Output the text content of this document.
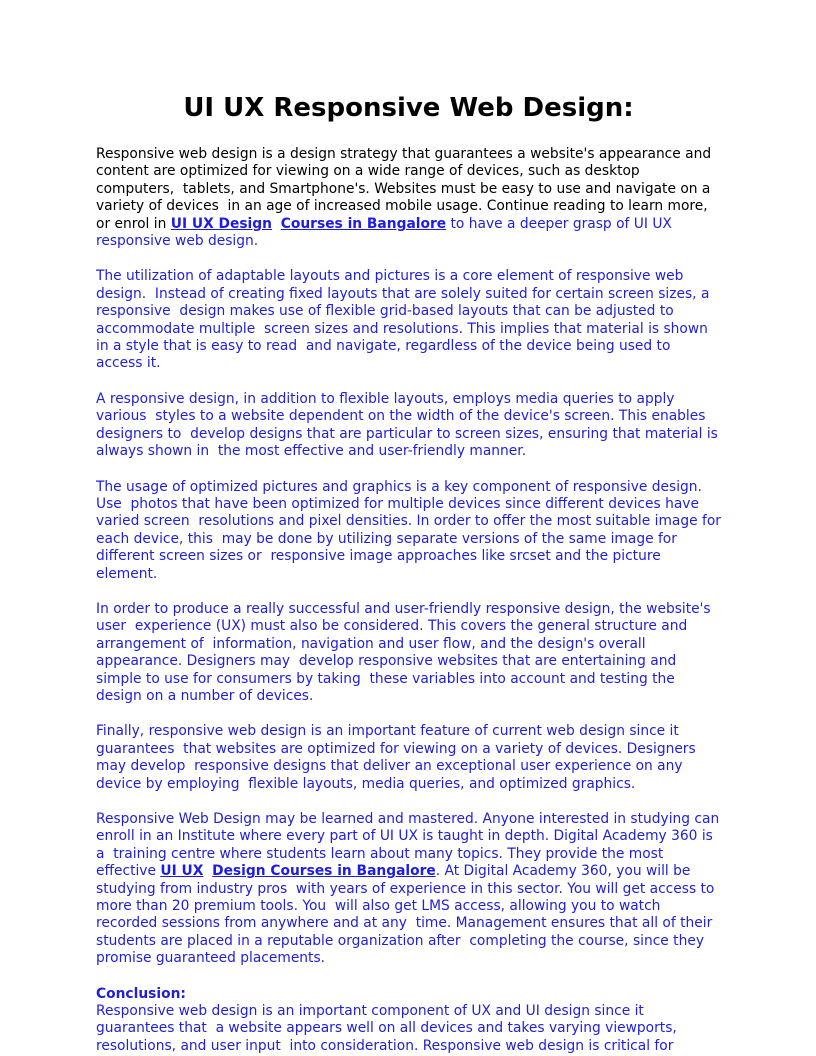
UI UX Responsive Web Design:

Responsive web design is a design strategy that guarantees a website's appearance and  content are optimized for viewing on a wide range of devices, such as desktop computers,  tablets, and Smartphone's. Websites must be easy to use and navigate on a variety of devices  in an age of increased mobile usage. Continue reading to learn more, or enrol in UI UX Design Courses in Bangalore to have a deeper grasp of UI UX responsive web design.

The utilization of adaptable layouts and pictures is a core element of responsive web design.  Instead of creating fixed layouts that are solely suited for certain screen sizes, a responsive  design makes use of flexible grid-based layouts that can be adjusted to accommodate multiple  screen sizes and resolutions. This implies that material is shown in a style that is easy to read  and navigate, regardless of the device being used to access it.

A responsive design, in addition to flexible layouts, employs media queries to apply various  styles to a website dependent on the width of the device's screen. This enables designers to  develop designs that are particular to screen sizes, ensuring that material is always shown in  the most effective and user-friendly manner.

The usage of optimized pictures and graphics is a key component of responsive design. Use  photos that have been optimized for multiple devices since different devices have varied screen  resolutions and pixel densities. In order to offer the most suitable image for each device, this  may be done by utilizing separate versions of the same image for different screen sizes or  responsive image approaches like srcset and the picture element.

In order to produce a really successful and user-friendly responsive design, the website's user  experience (UX) must also be considered. This covers the general structure and arrangement of  information, navigation and user flow, and the design's overall appearance. Designers may  develop responsive websites that are entertaining and simple to use for consumers by taking  these variables into account and testing the design on a number of devices.

Finally, responsive web design is an important feature of current web design since it guarantees  that websites are optimized for viewing on a variety of devices. Designers may develop  responsive designs that deliver an exceptional user experience on any device by employing  flexible layouts, media queries, and optimized graphics.

Responsive Web Design may be learned and mastered. Anyone interested in studying can  enroll in an Institute where every part of UI UX is taught in depth. Digital Academy 360 is a  training centre where students learn about many topics. They provide the most effective UI UX Design Courses in Bangalore. At Digital Academy 360, you will be studying from industry pros  with years of experience in this sector. You will get access to more than 20 premium tools. You  will also get LMS access, allowing you to watch recorded sessions from anywhere and at any  time. Management ensures that all of their students are placed in a reputable organization after  completing the course, since they promise guaranteed placements.

Conclusion:

Responsive web design is an important component of UX and UI design since it guarantees that  a website appears well on all devices and takes varying viewports, resolutions, and user input  into consideration. Responsive web design is critical for
